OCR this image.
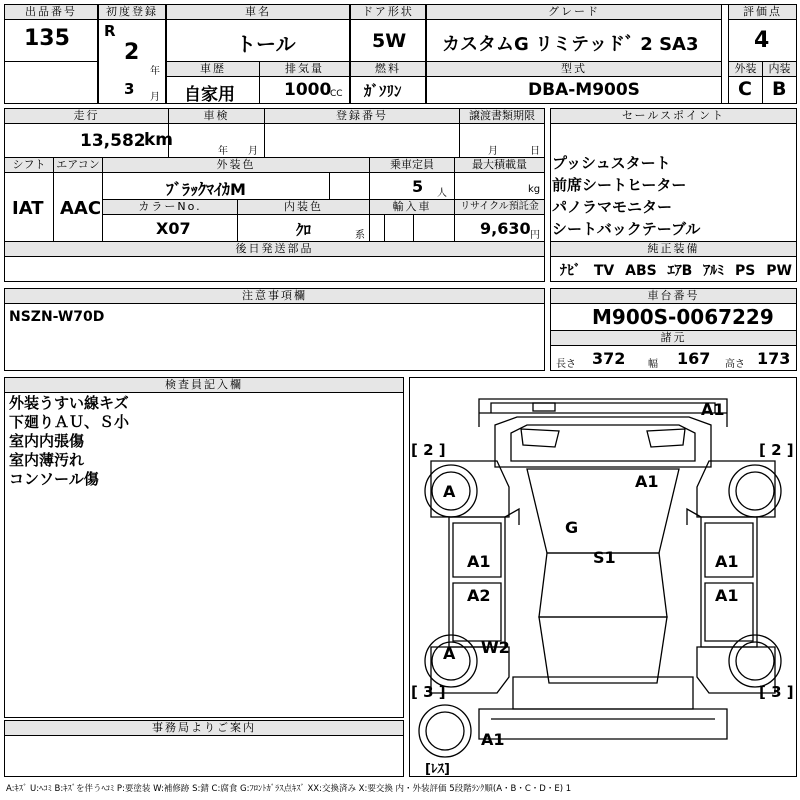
出品番号
135
初度登録
R
2
年
3 月
車名
トール
車歴	排気量
自家用	1000
CC
ドア形状
5W
燃料
ｶﾞｿﾘﾝ
グレード
カスタムG リミテッドﾞ 2 SA3
型式
DBA-M900S
評価点
4
外装	内装
C B
走行
13,582
km
車検
年 月
登録番号	譲渡書類期限
月	日
シフト エアコン
IAT AAC
外装色
ﾌﾞﾗｯｸﾏｲｶM
乗車定員
5 人
最大積載量
kg
カラーNo.
X07
内装色
ｸﾛ	系
輸入車	リサイクル預託金
9,630 円
後日発送部品
セールスポイント
プッシュスタート
前席シートヒーター
パノラマモニター
シートバックテーブル
純正装備
ﾅﾋﾞ TV ABS ｴｱB ｱﾙﾐ PS PW
注意事項欄
NSZN-W70D
車台番号
M900S-0067229
諸元
長さ 372 幅 167 高さ 173
検査員記入欄
外装うすい線キズ
下廻りＡＵ、Ｓ小
室内内張傷
室内薄汚れ
コンソール傷
事務局よりご案内
[ 2 ]	[ 2 ]
[ 3 ]	[ 3 ]
[ﾚｽ]
A1
A1
A
G
S1
A1	A1
A2	A1
A W2
A1
A:ｷｽﾞ U:ﾍｺﾐ B:ｷｽﾞを伴うﾍｺﾐ P:要塗装 W:補修跡 S:錆 C:腐食 G:ﾌﾛﾝﾄｶﾞﾗｽ点ｷｽﾞ XX:交換済み X:要交換 内・外装評価 5段階ﾗﾝｸ順(A・B・C・D・E) 1
